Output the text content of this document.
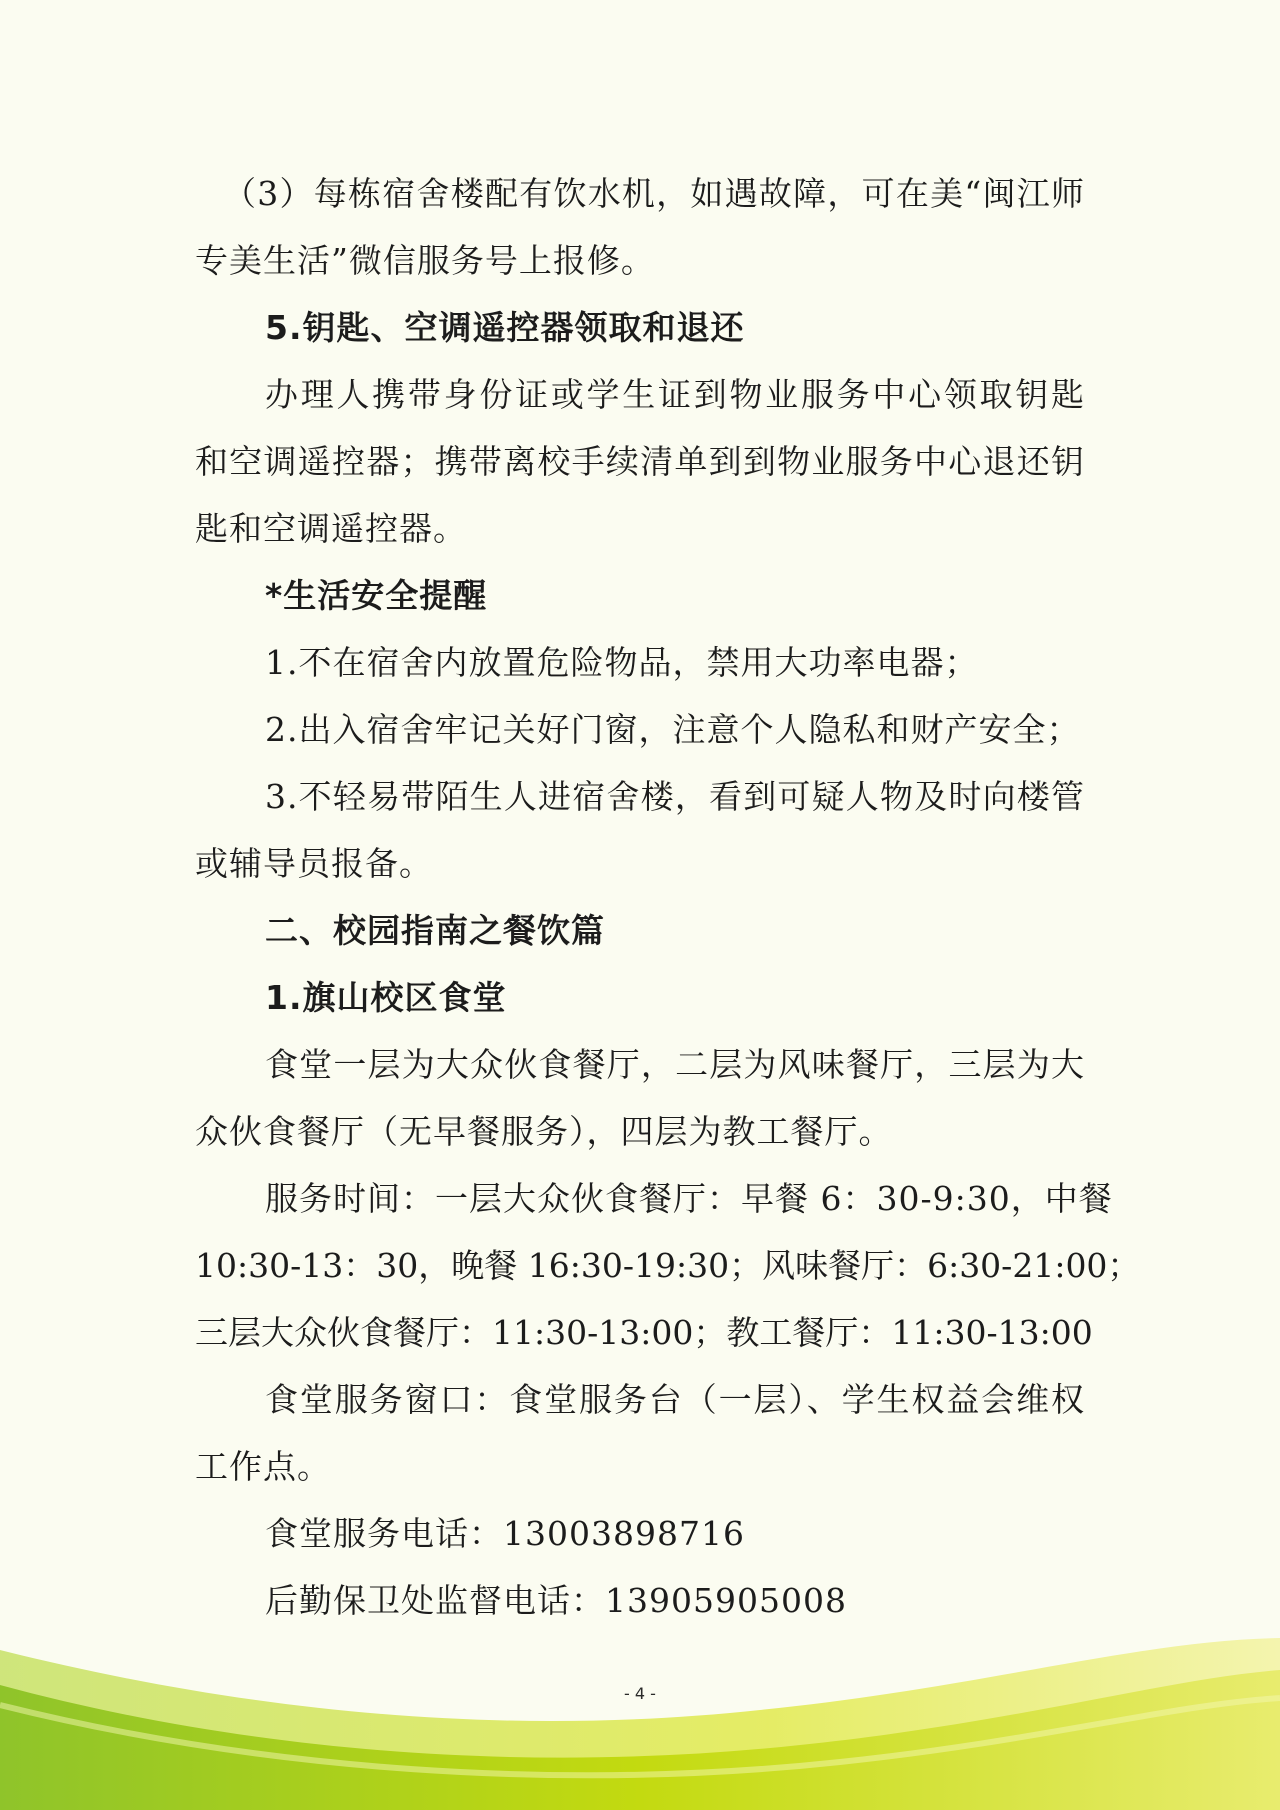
（3）每栋宿舍楼配有饮水机，如遇故障，可在美“闽江师
专美生活”微信服务号上报修。
5.钥匙、空调遥控器领取和退还
办理人携带身份证或学生证到物业服务中心领取钥匙
和空调遥控器；携带离校手续清单到到物业服务中心退还钥
匙和空调遥控器。
*生活安全提醒
1.不在宿舍内放置危险物品，禁用大功率电器；
2.出入宿舍牢记关好门窗，注意个人隐私和财产安全；
3.不轻易带陌生人进宿舍楼，看到可疑人物及时向楼管
或辅导员报备。
二、校园指南之餐饮篇
1.旗山校区食堂
食堂一层为大众伙食餐厅，二层为风味餐厅，三层为大
众伙食餐厅（无早餐服务），四层为教工餐厅。
服务时间：一层大众伙食餐厅：早餐 6：30-9:30，中餐
10:30-13：30，晚餐 16:30-19:30；风味餐厅：6:30-21:00；
三层大众伙食餐厅：11:30-13:00；教工餐厅：11:30-13:00
食堂服务窗口：食堂服务台（一层）、学生权益会维权
工作点。
食堂服务电话：13003898716
后勤保卫处监督电话：13905905008
- 4 -
